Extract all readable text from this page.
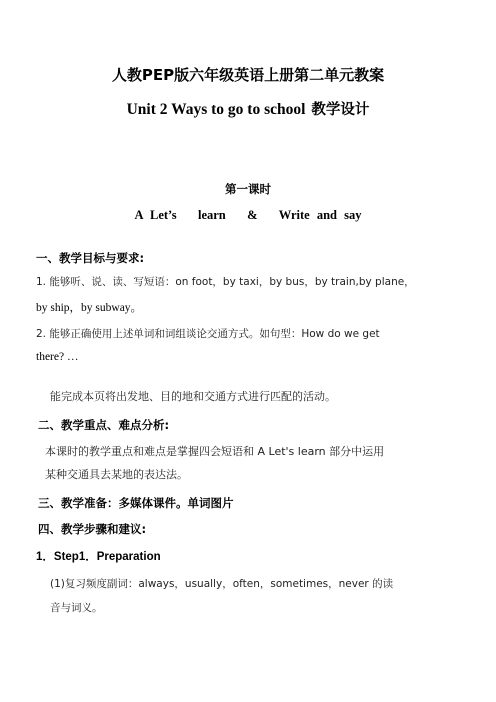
人教PEP版六年级英语上册第二单元教案
Unit 2 Ways to go to school 教学设计
第一课时
A Let’s   learn   &   Write and say
一、教学目标与要求:
1. 能够听、说、读、写短语：on foot，by taxi，by bus，by train,by plane，
by ship，by subway。
2. 能够正确使用上述单词和词组谈论交通方式。如句型：How do we get
there? …
能完成本页将出发地、目的地和交通方式进行匹配的活动。
二、教学重点、难点分析:
本课时的教学重点和难点是掌握四会短语和 A Let's learn 部分中运用
某种交通具去某地的表达法。
三、教学准备：多媒体课件。单词图片
四、教学步骤和建议:
1．Step1．Preparation
(1)复习频度副词：always，usually，often，sometimes，never 的读
音与词义。
